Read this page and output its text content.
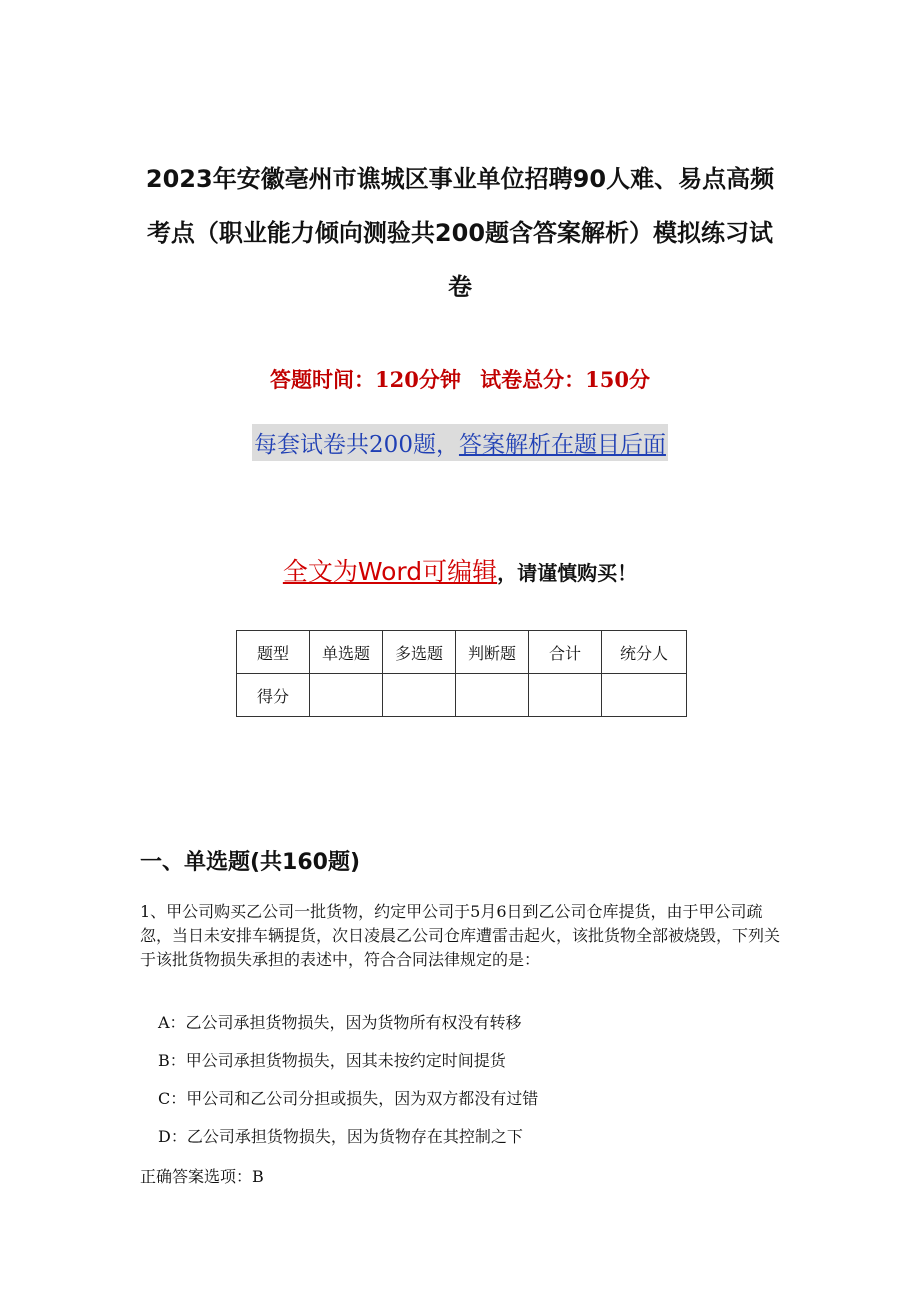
2023年安徽亳州市谯城区事业单位招聘90人难、易点高频
考点（职业能力倾向测验共200题含答案解析）模拟练习试
卷
答题时间：120分钟 试卷总分：150分
每套试卷共200题，答案解析在题目后面
全文为Word可编辑，请谨慎购买！
题型	单选题	多选题	判断题	合计	统分人
得分					
一、单选题(共160题)
1、甲公司购买乙公司一批货物，约定甲公司于5月6日到乙公司仓库提货，由于甲公司疏忽，当日未安排车辆提货，次日凌晨乙公司仓库遭雷击起火，该批货物全部被烧毁，下列关于该批货物损失承担的表述中，符合合同法律规定的是：
A：乙公司承担货物损失，因为货物所有权没有转移
B：甲公司承担货物损失，因其未按约定时间提货
C：甲公司和乙公司分担或损失，因为双方都没有过错
D：乙公司承担货物损失，因为货物存在其控制之下
正确答案选项：B
